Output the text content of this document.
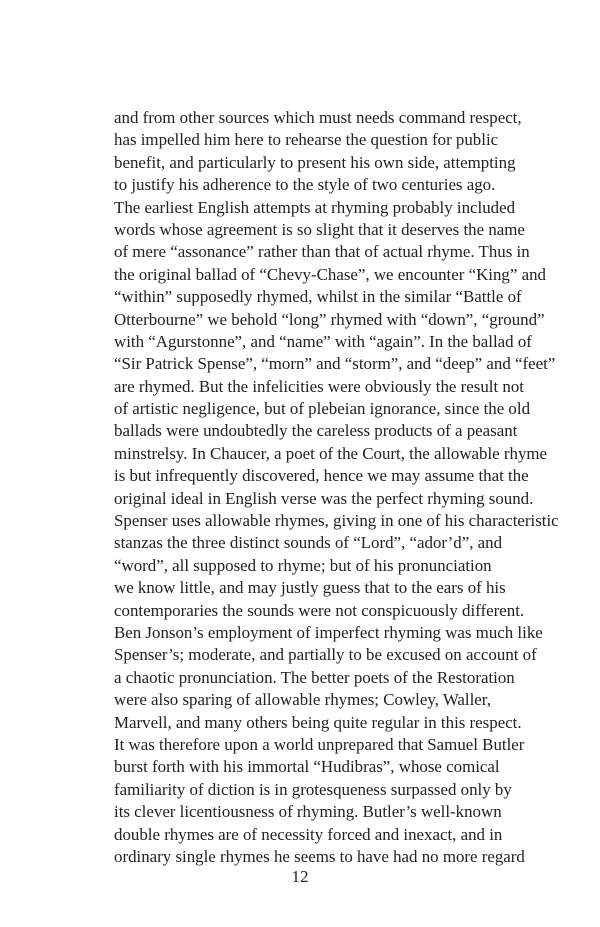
and from other sources which must needs command respect,
has impelled him here to rehearse the question for public
benefit, and particularly to present his own side, attempting
to justify his adherence to the style of two centuries ago.
The earliest English attempts at rhyming probably included
words whose agreement is so slight that it deserves the name
of mere “assonance” rather than that of actual rhyme. Thus in
the original ballad of “Chevy-Chase”, we encounter “King” and
“within” supposedly rhymed, whilst in the similar “Battle of
Otterbourne” we behold “long” rhymed with “down”, “ground”
with “Agurstonne”, and “name” with “again”. In the ballad of
“Sir Patrick Spense”, “morn” and “storm”, and “deep” and “feet”
are rhymed. But the infelicities were obviously the result not
of artistic negligence, but of plebeian ignorance, since the old
ballads were undoubtedly the careless products of a peasant
minstrelsy. In Chaucer, a poet of the Court, the allowable rhyme
is but infrequently discovered, hence we may assume that the
original ideal in English verse was the perfect rhyming sound.
Spenser uses allowable rhymes, giving in one of his characteristic
stanzas the three distinct sounds of “Lord”, “ador’d”, and
“word”, all supposed to rhyme; but of his pronunciation
we know little, and may justly guess that to the ears of his
contemporaries the sounds were not conspicuously different.
Ben Jonson’s employment of imperfect rhyming was much like
Spenser’s; moderate, and partially to be excused on account of
a chaotic pronunciation. The better poets of the Restoration
were also sparing of allowable rhymes; Cowley, Waller,
Marvell, and many others being quite regular in this respect.
It was therefore upon a world unprepared that Samuel Butler
burst forth with his immortal “Hudibras”, whose comical
familiarity of diction is in grotesqueness surpassed only by
its clever licentiousness of rhyming. Butler’s well-known
double rhymes are of necessity forced and inexact, and in
ordinary single rhymes he seems to have had no more regard
12
